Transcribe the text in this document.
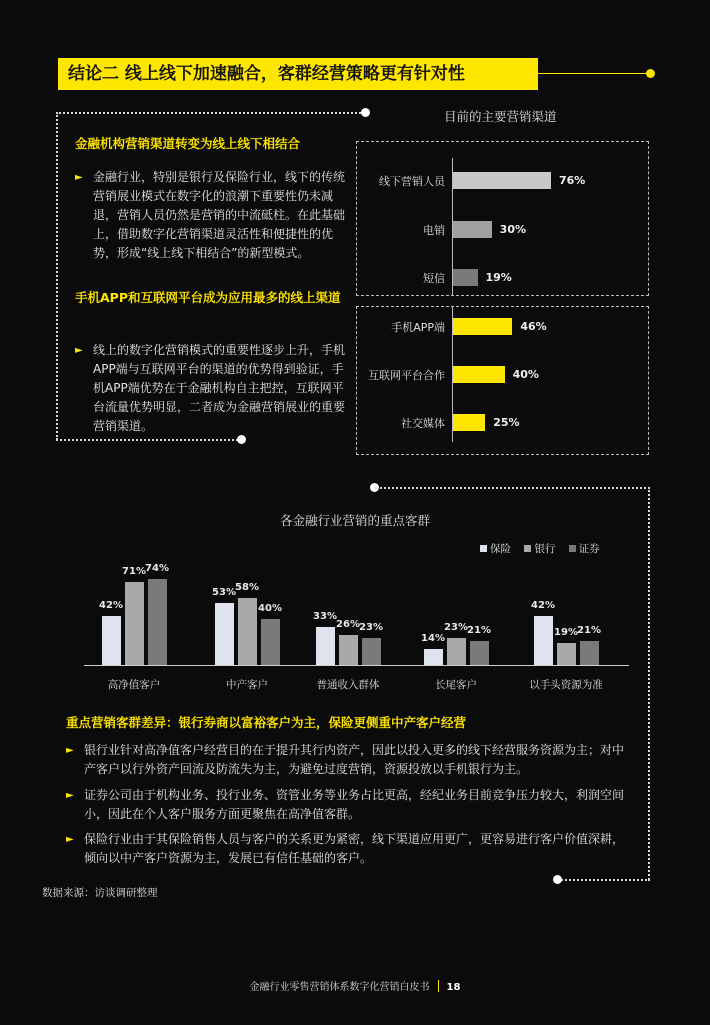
结论二 线上线下加速融合，客群经营策略更有针对性
金融机构营销渠道转变为线上线下相结合
► 金融行业，特别是银行及保险行业，线下的传统营销展业模式在数字化的浪潮下重要性仍未减退，营销人员仍然是营销的中流砥柱。在此基础上，借助数字化营销渠道灵活性和便捷性的优势，形成“线上线下相结合”的新型模式。
手机APP和互联网平台成为应用最多的线上渠道
► 线上的数字化营销模式的重要性逐步上升，手机APP端与互联网平台的渠道的优势得到验证，手机APP端优势在于金融机构自主把控，互联网平台流量优势明显，二者成为金融营销展业的重要营销渠道。
目前的主要营销渠道
线下营销人员	76%
电销	30%
短信	19%
手机APP端	46%
互联网平台合作	40%
社交媒体	25%
各金融行业营销的重点客群
保险 银行 证券
42%
71% 74%
高净值客户
53%
58%
40%
中产客户
33%
26% 23%
普通收入群体
14%
23% 21%
长尾客户
42%
19% 21%
以手头资源为准
重点营销客群差异：银行券商以富裕客户为主，保险更侧重中产客户经营
► 银行业针对高净值客户经营目的在于提升其行内资产，因此以投入更多的线下经营服务资源为主；对中产客户以行外资产回流及防流失为主，为避免过度营销，资源投放以手机银行为主。
► 证券公司由于机构业务、投行业务、资管业务等业务占比更高，经纪业务目前竞争压力较大，利润空间小，因此在个人客户服务方面更聚焦在高净值客群。
► 保险行业由于其保险销售人员与客户的关系更为紧密，线下渠道应用更广，更容易进行客户价值深耕，倾向以中产客户资源为主，发展已有信任基础的客户。
数据来源：访谈调研整理
金融行业零售营销体系数字化营销白皮书 18
